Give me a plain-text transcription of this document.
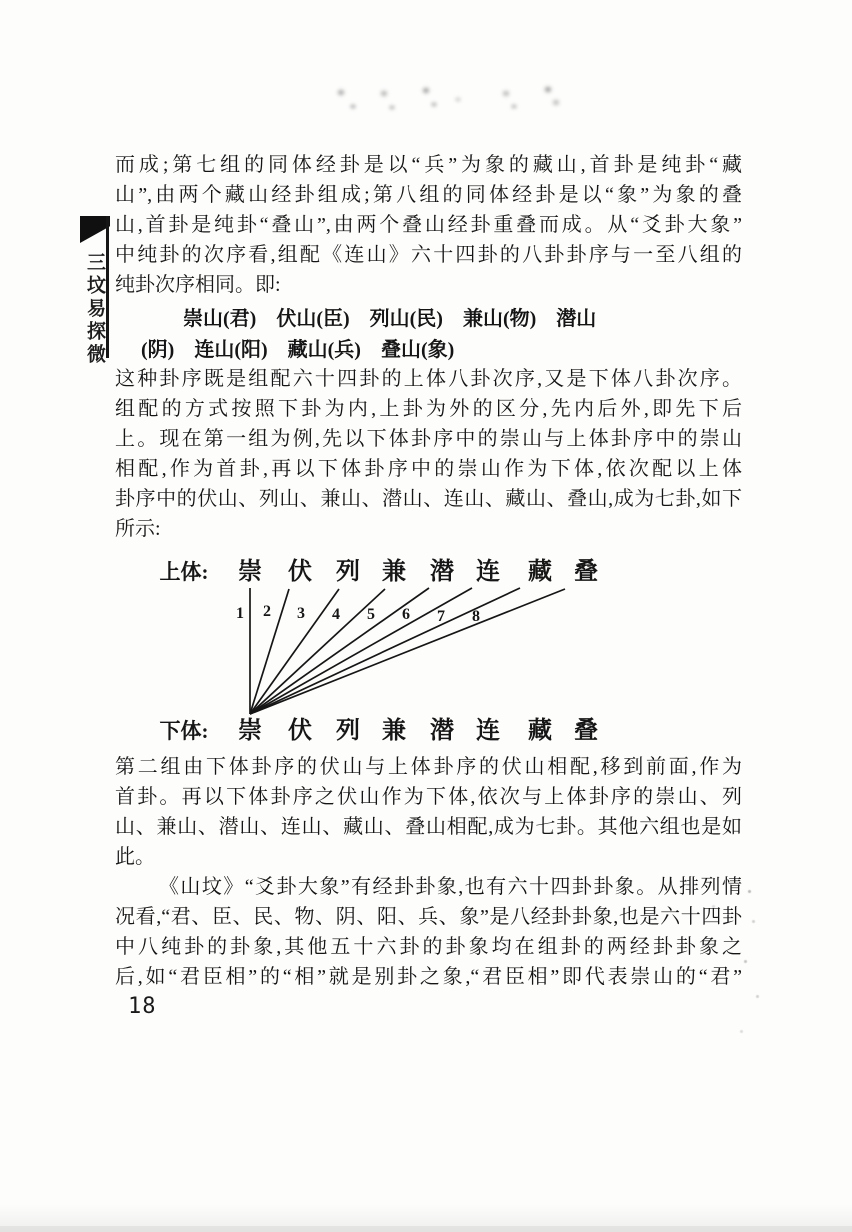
三坟易探微
而成;第七组的同体经卦是以“兵”为象的藏山,首卦是纯卦“藏
山”,由两个藏山经卦组成;第八组的同体经卦是以“象”为象的叠
山,首卦是纯卦“叠山”,由两个叠山经卦重叠而成。从“爻卦大象”
中纯卦的次序看,组配《连山》六十四卦的八卦卦序与一至八组的
纯卦次序相同。即:
崇山(君)　伏山(臣)　列山(民)　兼山(物)　潜山
(阴)　连山(阳)　藏山(兵)　叠山(象)
这种卦序既是组配六十四卦的上体八卦次序,又是下体八卦次序。
组配的方式按照下卦为内,上卦为外的区分,先内后外,即先下后
上。现在第一组为例,先以下体卦序中的崇山与上体卦序中的崇山
相配,作为首卦,再以下体卦序中的崇山作为下体,依次配以上体
卦序中的伏山、列山、兼山、潜山、连山、藏山、叠山,成为七卦,如下
所示:
上体:
下体:
崇 伏 列 兼 潜 连 藏 叠
崇 伏 列 兼 潜 连 藏 叠
1 2 3 4 5 6 7 8
第二组由下体卦序的伏山与上体卦序的伏山相配,移到前面,作为
首卦。再以下体卦序之伏山作为下体,依次与上体卦序的崇山、列
山、兼山、潜山、连山、藏山、叠山相配,成为七卦。其他六组也是如
此。
《山坟》“爻卦大象”有经卦卦象,也有六十四卦卦象。从排列情
况看,“君、臣、民、物、阴、阳、兵、象”是八经卦卦象,也是六十四卦
中八纯卦的卦象,其他五十六卦的卦象均在组卦的两经卦卦象之
后,如“君臣相”的“相”就是别卦之象,“君臣相”即代表崇山的“君”
18
